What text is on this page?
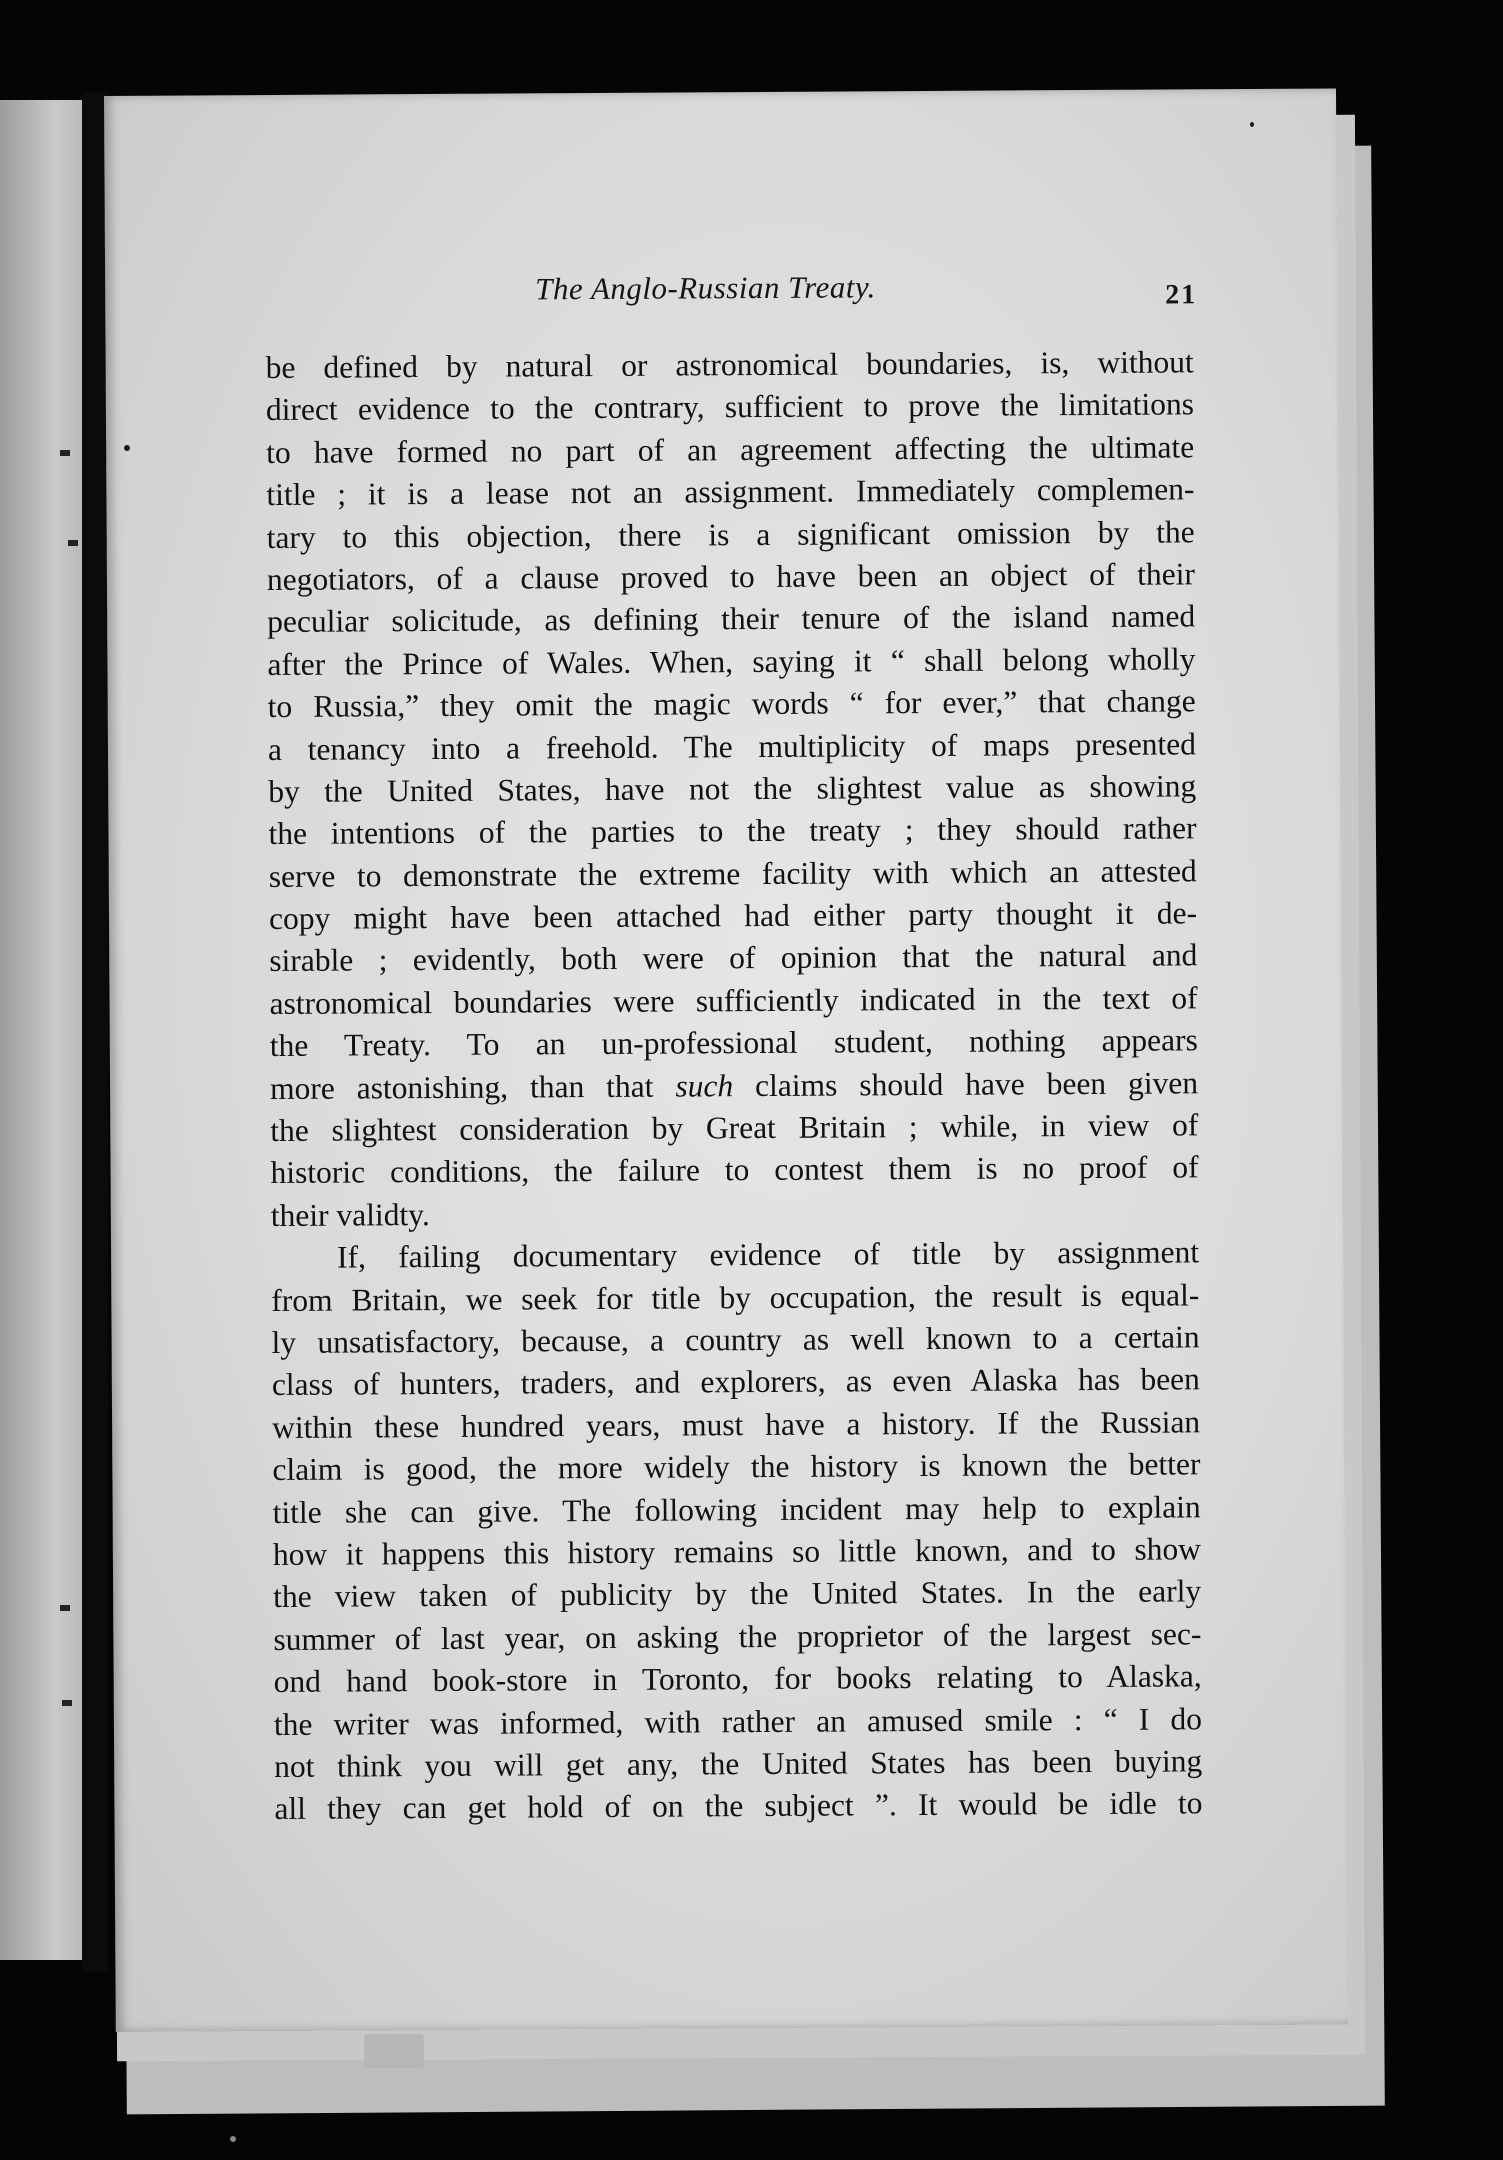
The Anglo-Russian Treaty.	21
be defined by natural or astronomical boundaries, is, without
direct evidence to the contrary, sufficient to prove the limitations
to have formed no part of an agreement affecting the ultimate
title ; it is a lease not an assignment. Immediately complemen-
tary to this objection, there is a significant omission by the
negotiators, of a clause proved to have been an object of their
peculiar solicitude, as defining their tenure of the island named
after the Prince of Wales. When, saying it “ shall belong wholly
to Russia,” they omit the magic words “ for ever,” that change
a tenancy into a freehold. The multiplicity of maps presented
by the United States, have not the slightest value as showing
the intentions of the parties to the treaty ; they should rather
serve to demonstrate the extreme facility with which an attested
copy might have been attached had either party thought it de-
sirable ; evidently, both were of opinion that the natural and
astronomical boundaries were sufficiently indicated in the text of
the Treaty. To an un-professional student, nothing appears
more astonishing, than that such claims should have been given
the slightest consideration by Great Britain ; while, in view of
historic conditions, the failure to contest them is no proof of
their validty.
If, failing documentary evidence of title by assignment
from Britain, we seek for title by occupation, the result is equal-
ly unsatisfactory, because, a country as well known to a certain
class of hunters, traders, and explorers, as even Alaska has been
within these hundred years, must have a history. If the Russian
claim is good, the more widely the history is known the better
title she can give. The following incident may help to explain
how it happens this history remains so little known, and to show
the view taken of publicity by the United States. In the early
summer of last year, on asking the proprietor of the largest sec-
ond hand book-store in Toronto, for books relating to Alaska,
the writer was informed, with rather an amused smile : “ I do
not think you will get any, the United States has been buying
all they can get hold of on the subject ”. It would be idle to
